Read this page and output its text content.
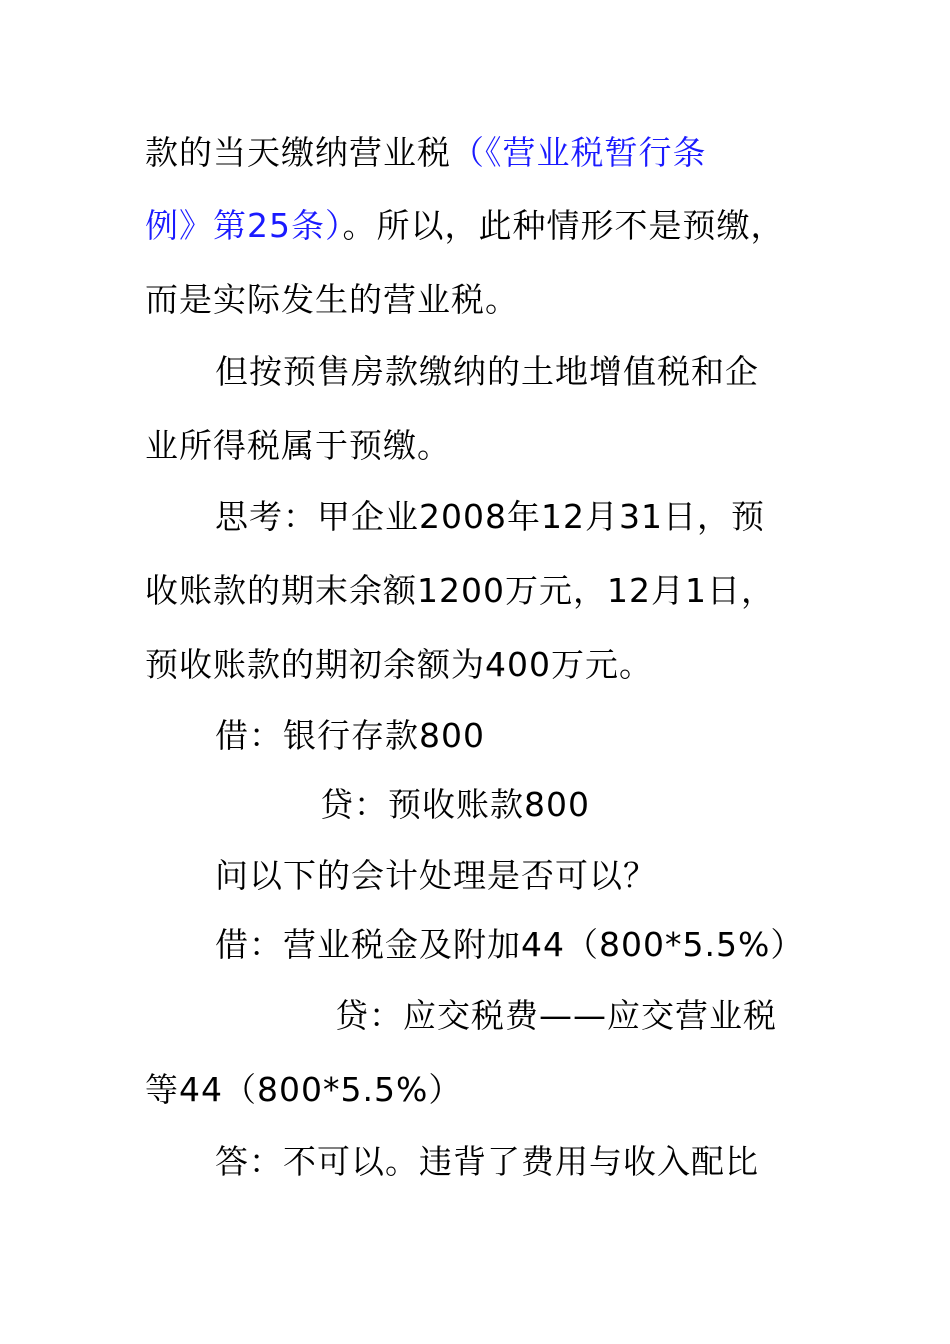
款的当天缴纳营业税（《营业税暂行条
例》第25条）。所以，此种情形不是预缴，
而是实际发生的营业税。
但按预售房款缴纳的土地增值税和企
业所得税属于预缴。
思考：甲企业2008年12月31日，预
收账款的期末余额1200万元，12月1日，
预收账款的期初余额为400万元。
借：银行存款800
贷：预收账款800
问以下的会计处理是否可以？
借：营业税金及附加44（800*5.5%）
贷：应交税费——应交营业税
等44（800*5.5%）
答：不可以。违背了费用与收入配比
